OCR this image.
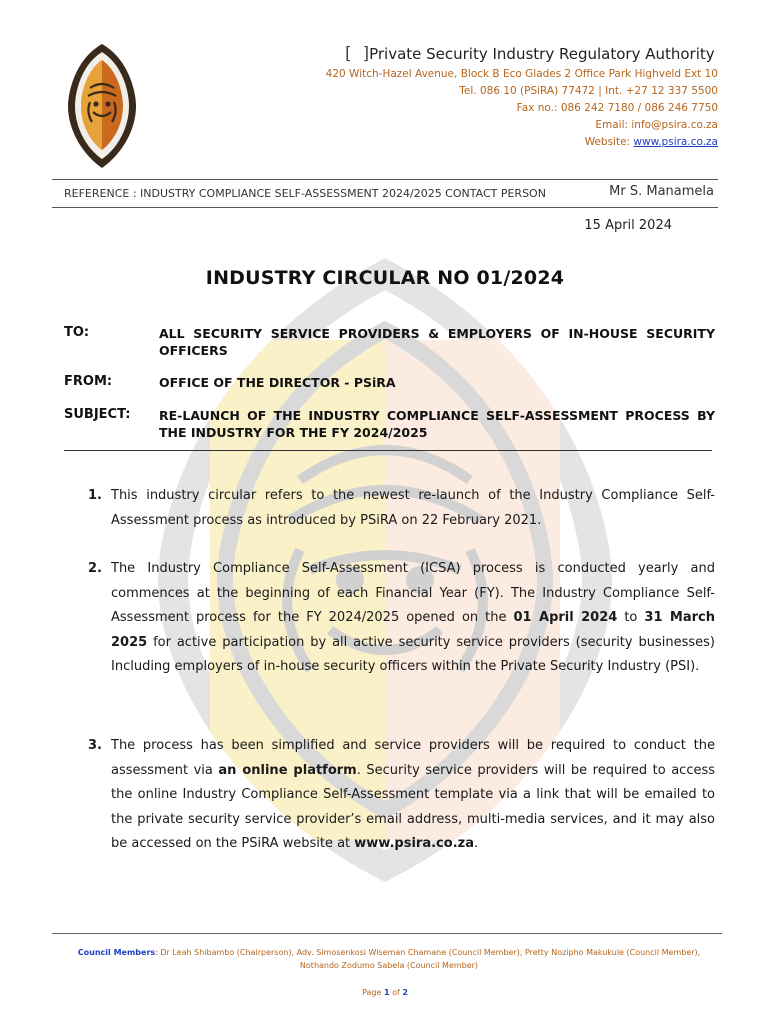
[  ]Private Security Industry Regulatory Authority
420 Witch-Hazel Avenue, Block B Eco Glades 2 Office Park Highveld Ext 10
Tel. 086 10 (PSiRA) 77472 | Int. +27 12 337 5500
Fax no.: 086 242 7180 / 086 246 7750
Email: info@psira.co.za
Website: www.psira.co.za
REFERENCE : INDUSTRY COMPLIANCE SELF-ASSESSMENT 2024/2025 CONTACT PERSON	Mr S. Manamela
15 April 2024
INDUSTRY CIRCULAR NO 01/2024
TO:	ALL SECURITY SERVICE PROVIDERS & EMPLOYERS OF IN-HOUSE SECURITY OFFICERS
FROM:	OFFICE OF THE DIRECTOR - PSiRA
SUBJECT: RE-LAUNCH OF THE INDUSTRY COMPLIANCE SELF-ASSESSMENT PROCESS BY THE INDUSTRY FOR THE FY 2024/2025
1. This industry circular refers to the newest re-launch of the Industry Compliance Self-Assessment process as introduced by PSiRA on 22 February 2021.
2. The Industry Compliance Self-Assessment (ICSA) process is conducted yearly and commences at the beginning of each Financial Year (FY). The Industry Compliance Self-Assessment process for the FY 2024/2025 opened on the 01 April 2024 to 31 March 2025 for active participation by all active security service providers (security businesses) Including employers of in-house security officers within the Private Security Industry (PSI).
3. The process has been simplified and service providers will be required to conduct the assessment via an online platform. Security service providers will be required to access the online Industry Compliance Self-Assessment template via a link that will be emailed to the private security service provider’s email address, multi-media services, and it may also be accessed on the PSiRA website at www.psira.co.za.
Council Members: Dr Leah Shibambo (Chairperson), Adv. Simosenkosi Wiseman Chamane (Council Member), Pretty Nozipho Makukule (Council Member), Nothando Zodumo Sabela (Council Member)
Page 1 of 2
